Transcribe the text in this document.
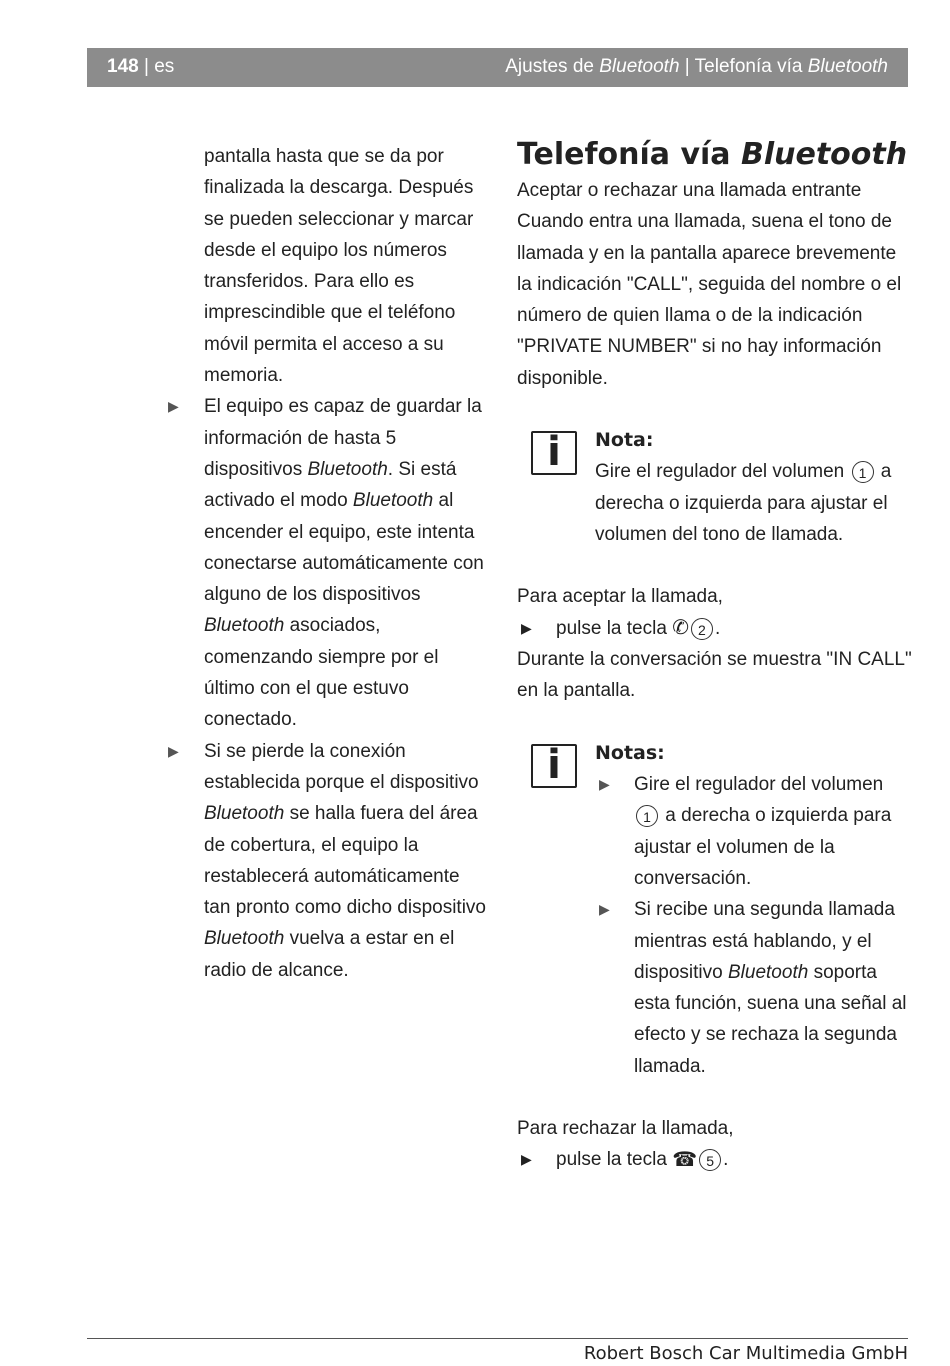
148 | es	Ajustes de Bluetooth | Telefonía vía Bluetooth

pantalla hasta que se da por finalizada la descarga. Después se pueden seleccionar y marcar desde el equipo los números transferidos. Para ello es imprescindible que el teléfono móvil permita el acceso a su memoria.

▶ El equipo es capaz de guardar la información de hasta 5 dispositivos Bluetooth. Si está activado el modo Bluetooth al encender el equipo, este intenta conectarse automáticamente con alguno de los dispositivos Bluetooth asociados, comenzando siempre por el último con el que estuvo conectado.
▶ Si se pierde la conexión establecida porque el dispositivo Bluetooth se halla fuera del área de cobertura, el equipo la restablecerá automáticamente tan pronto como dicho dispositivo Bluetooth vuelva a estar en el radio de alcance.
Telefonía vía Bluetooth

Aceptar o rechazar una llamada entrante Cuando entra una llamada, suena el tono de llamada y en la pantalla aparece brevemente la indicación "CALL", seguida del nombre o el número de quien llama o de la indicación "PRIVATE NUMBER" si no hay información disponible.

i	Nota:
Gire el regulador del volumen 1 a derecha o izquierda para ajustar el volumen del tono de llamada.

Para aceptar la llamada,

▶ pulse la tecla ✆ 2 .

Durante la conversación se muestra "IN CALL" en la pantalla.

i	Notas:
▶ Gire el regulador del volumen 1 a derecha o izquierda para ajustar el volumen de la conversación.
▶ Si recibe una segunda llamada mientras está hablando, y el dispositivo Bluetooth soporta esta función, suena una señal al efecto y se rechaza la segunda llamada.

Para rechazar la llamada,

▶ pulse la tecla ☎ 5 .
Robert Bosch Car Multimedia GmbH
